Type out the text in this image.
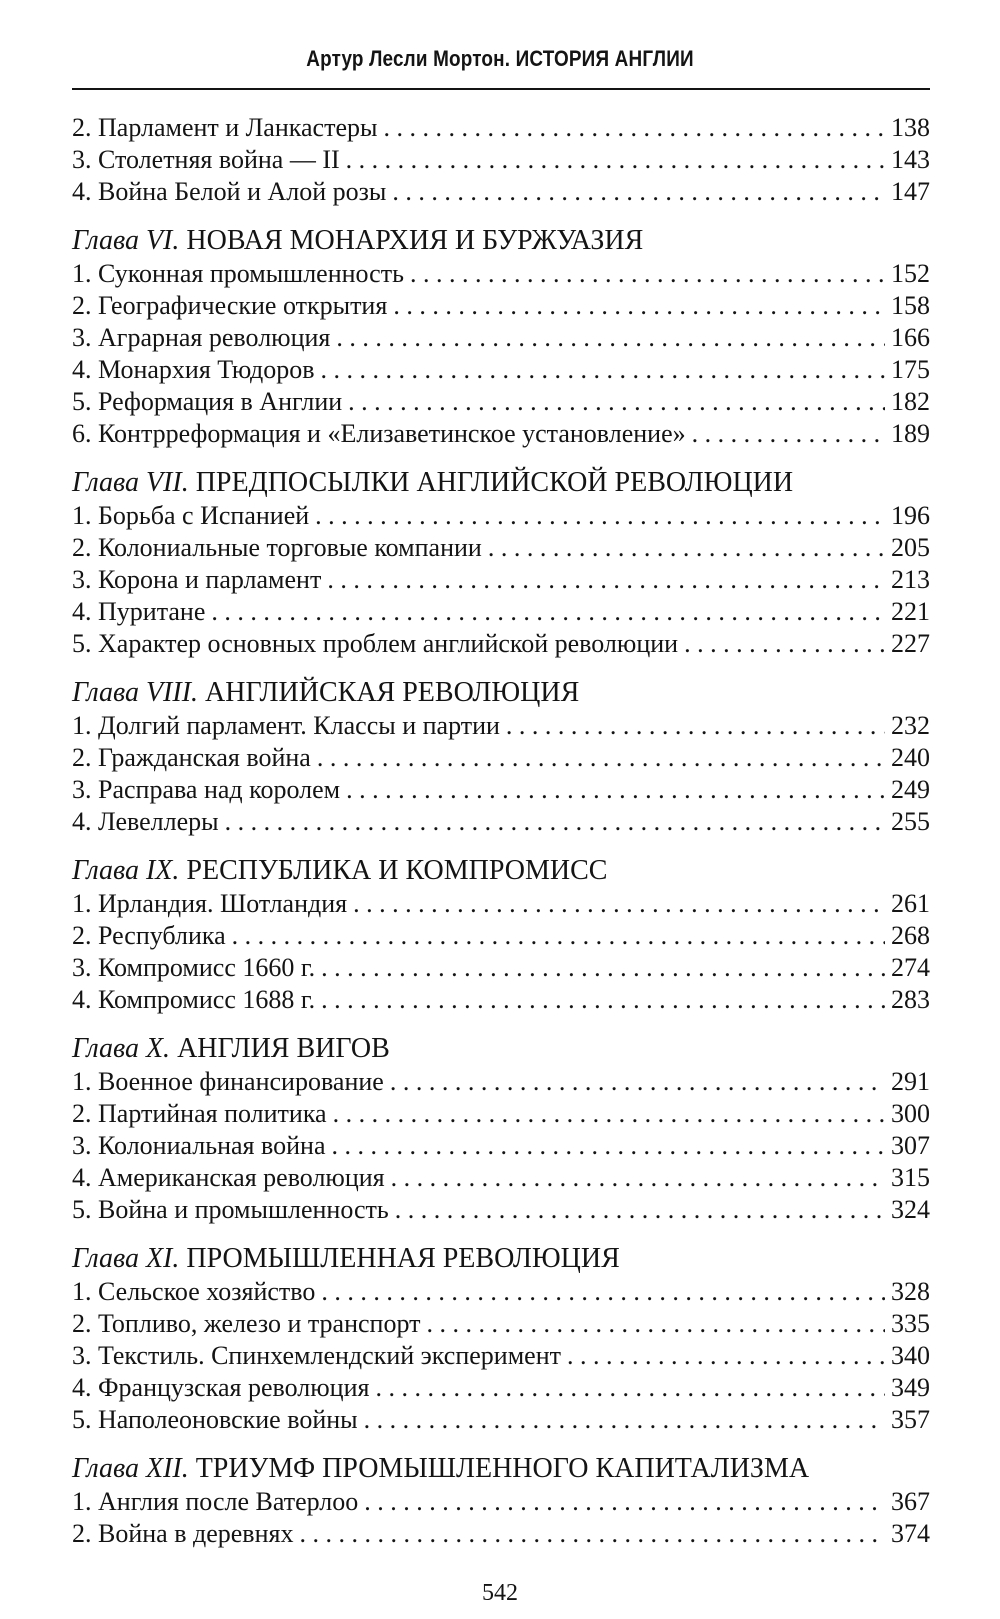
Артур Лесли Мортон. ИСТОРИЯ АНГЛИИ
2. Парламент и Ланкастеры . . .	138
3. Столетняя война — II . . .	143
4. Война Белой и Алой розы . . .	147
Глава VI. НОВАЯ МОНАРХИЯ И БУРЖУАЗИЯ
1. Суконная промышленность . . .	152
2. Географические открытия . . .	158
3. Аграрная революция . . .	166
4. Монархия Тюдоров . . .	175
5. Реформация в Англии . . .	182
6. Контрреформация и «Елизаветинское установление» . . .	189
Глава VII. ПРЕДПОСЫЛКИ АНГЛИЙСКОЙ РЕВОЛЮЦИИ
1. Борьба с Испанией . . .	196
2. Колониальные торговые компании . . .	205
3. Корона и парламент . . .	213
4. Пуритане . . .	221
5. Характер основных проблем английской революции . . .	227
Глава VIII. АНГЛИЙСКАЯ РЕВОЛЮЦИЯ
1. Долгий парламент. Классы и партии . . .	232
2. Гражданская война . . .	240
3. Расправа над королем . . .	249
4. Левеллеры . . .	255
Глава IX. РЕСПУБЛИКА И КОМПРОМИСС
1. Ирландия. Шотландия . . .	261
2. Республика . . .	268
3. Компромисс 1660 г. . . .	274
4. Компромисс 1688 г. . . .	283
Глава X. АНГЛИЯ ВИГОВ
1. Военное финансирование . . .	291
2. Партийная политика . . .	300
3. Колониальная война . . .	307
4. Американская революция . . .	315
5. Война и промышленность . . .	324
Глава XI. ПРОМЫШЛЕННАЯ РЕВОЛЮЦИЯ
1. Сельское хозяйство . . .	328
2. Топливо, железо и транспорт . . .	335
3. Текстиль. Спинхемлендский эксперимент . . .	340
4. Французская революция . . .	349
5. Наполеоновские войны . . .	357
Глава XII. ТРИУМФ ПРОМЫШЛЕННОГО КАПИТАЛИЗМА
1. Англия после Ватерлоо . . .	367
2. Война в деревнях . . .	374
542
